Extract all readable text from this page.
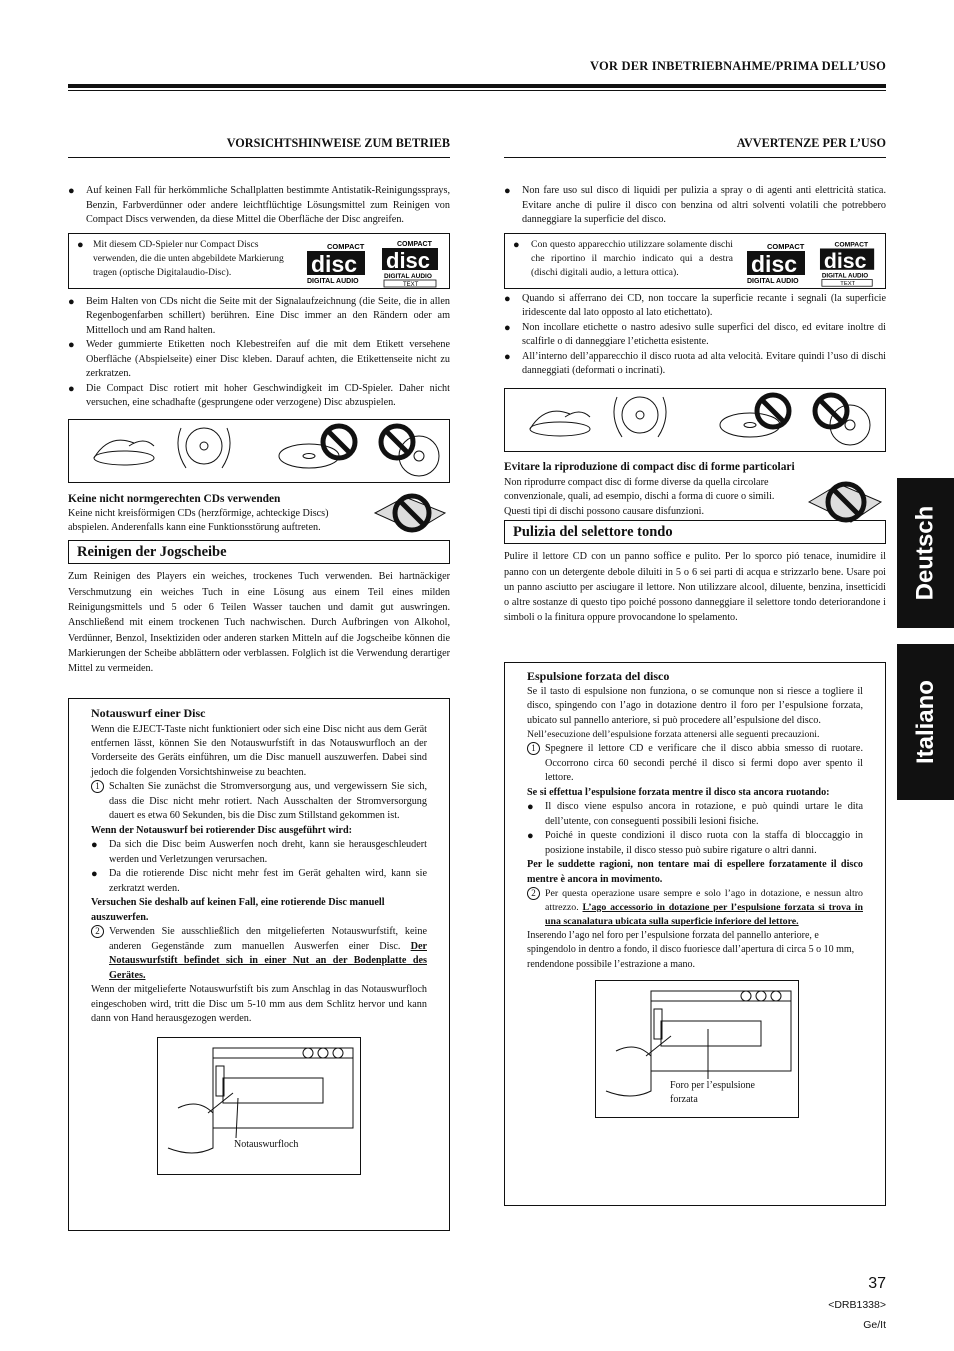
VOR DER INBETRIEBNAHME/PRIMA DELL’USO
Deutsch
Italiano
VORSICHTSHINWEISE ZUM BETRIEB
●	Auf keinen Fall für herkömmliche Schallplatten bestimmte Antistatik-Reinigungssprays, Benzin, Farbverdünner oder andere leichtflüchtige Lösungsmittel zum Reinigen von Compact Discs verwenden, da diese Mittel die Oberfläche der Disc angreifen.
● Mit diesem CD-Spieler nur Compact Discs verwenden, die die unten abgebildete Markierung tragen (optische Digitalaudio-Disc).
COMPACT
disc
DIGITAL AUDIO
COMPACT
disc
DIGITAL AUDIO
TEXT
●	Beim Halten von CDs nicht die Seite mit der Signalaufzeichnung (die Seite, die in allen Regenbogenfarben schillert) berühren. Eine Disc immer an den Rändern oder am Mittelloch und am Rand halten.
●	Weder gummierte Etiketten noch Klebestreifen auf die mit dem Etikett versehene Oberfläche (Abspielseite) einer Disc kleben. Darauf achten, die Etikettenseite nicht zu zerkratzen.
●	Die Compact Disc rotiert mit hoher Geschwindigkeit im CD-Spieler. Daher nicht versuchen, eine schadhafte (gesprungene oder verzogene) Disc abzuspielen.
Keine nicht normgerechten CDs verwenden
Keine nicht kreisförmigen CDs (herzförmige, achteckige Discs) abspielen. Anderenfalls kann eine Funktionsstörung auftreten.
Reinigen der Jogscheibe
Zum Reinigen des Players ein weiches, trockenes Tuch verwenden. Bei hartnäckiger Verschmutzung ein weiches Tuch in eine Lösung aus einem Teil eines milden Reinigungsmittels und 5 oder 6 Teilen Wasser tauchen und damit gut auswringen. Anschließend mit einem trockenen Tuch nachwischen. Durch Aufbringen von Alkohol, Verdünner, Benzol, Insektiziden oder anderen starken Mitteln auf die Jogscheibe können die Markierungen der Scheibe abblättern oder verblassen. Folglich ist die Verwendung derartiger Mittel zu vermeiden.
Notauswurf einer Disc
Wenn die EJECT-Taste nicht funktioniert oder sich eine Disc nicht aus dem Gerät entfernen lässt, können Sie den Notauswurfstift in das Notauswurfloch an der Vorderseite des Geräts einführen, um die Disc manuell auszuwerfen. Dabei sind jedoch die folgenden Vorsichtshinweise zu beachten.
1 Schalten Sie zunächst die Stromversorgung aus, und vergewissern Sie sich, dass die Disc nicht mehr rotiert. Nach Ausschalten der Stromversorgung dauert es etwa 60 Sekunden, bis die Disc zum Stillstand gekommen ist.
Wenn der Notauswurf bei rotierender Disc ausgeführt wird:
●	Da sich die Disc beim Auswerfen noch dreht, kann sie herausgeschleudert werden und Verletzungen verursachen.
●	Da die rotierende Disc nicht mehr fest im Gerät gehalten wird, kann sie zerkratzt werden.
Versuchen Sie deshalb auf keinen Fall, eine rotierende Disc manuell auszuwerfen.
2 Verwenden Sie ausschließlich den mitgelieferten Notauswurfstift, keine anderen Gegenstände zum manuellen Auswerfen einer Disc. Der Notauswurfstift befindet sich in einer Nut an der Bodenplatte des Gerätes.
Wenn der mitgelieferte Notauswurfstift bis zum Anschlag in das Notauswurfloch eingeschoben wird, tritt die Disc um 5-10 mm aus dem Schlitz hervor und kann dann von Hand herausgezogen werden.
Notauswurfloch
AVVERTENZE PER L’USO
●	Non fare uso sul disco di liquidi per pulizia a spray o di agenti anti elettricità statica. Evitare anche di pulire il disco con benzina od altri solventi volatili che potrebbero danneggiare la superficie del disco.
●	Con questo apparecchio utilizzare solamente dischi che riportino il marchio indicato qui a destra (dischi digitali audio, a lettura ottica).
COMPACT
disc
DIGITAL AUDIO
COMPACT
disc
DIGITAL AUDIO
TEXT
●	Quando si afferrano dei CD, non toccare la superficie recante i segnali (la superficie iridescente dal lato opposto al lato etichettato).
●	Non incollare etichette o nastro adesivo sulle superfici del disco, ed evitare inoltre di scalfirle o di danneggiare l’etichetta esistente.
●	All’interno dell’apparecchio il disco ruota ad alta velocità. Evitare quindi l’uso di dischi danneggiati (deformati o incrinati).
Evitare la riproduzione di compact disc di forme particolari
Non riprodurre compact disc di forme diverse da quella circolare convenzionale, quali, ad esempio, dischi a forma di cuore o simili. Questi tipi di dischi possono causare disfunzioni.
Pulizia del selettore tondo
Pulire il lettore CD con un panno soffice e pulito. Per lo sporco pió tenace, inumidire il panno con un detergente debole diluiti in 5 o 6 sei parti di acqua e strizzarlo bene. Usare poi un panno asciutto per asciugare il lettore. Non utilizzare alcool, diluente, benzina, insetticidi o altre sostanze di questo tipo poiché possono danneggiare il selettore tondo deteriorandone i simboli o la finitura oppure provocandone lo spelamento.
Espulsione forzata del disco
Se il tasto di espulsione non funziona, o se comunque non si riesce a togliere il disco, spingendo con l’ago in dotazione dentro il foro per l’espulsione forzata, ubicato sul pannello anteriore, si può procedere all’espulsione del disco.
Nell’esecuzione dell’espulsione forzata attenersi alle seguenti precauzioni.
1 Spegnere il lettore CD e verificare che il disco abbia smesso di ruotare. Occorrono circa 60 secondi perché il disco si fermi dopo aver spento il lettore.
Se si effettua l’espulsione forzata mentre il disco sta ancora ruotando:
●	Il disco viene espulso ancora in rotazione, e può quindi urtare le dita dell’utente, con conseguenti possibili lesioni fisiche.
●	Poiché in queste condizioni il disco ruota con la staffa di bloccaggio in posizione instabile, il disco stesso può subire rigature o altri danni.
Per le suddette ragioni, non tentare mai di espellere forzatamente il disco mentre è ancora in movimento.
2 Per questa operazione usare sempre e solo l’ago in dotazione, e nessun altro attrezzo. L’ago accessorio in dotazione per l’espulsione forzata si trova in una scanalatura ubicata sulla superficie inferiore del lettore.
Inserendo l’ago nel foro per l’espulsione forzata del pannello anteriore, e spingendolo in dentro a fondo, il disco fuoriesce dall’apertura di circa 5 o 10 mm, rendendone possibile l’estrazione a mano.
Foro per l’espulsione
forzata
37
<DRB1338>
Ge/It
